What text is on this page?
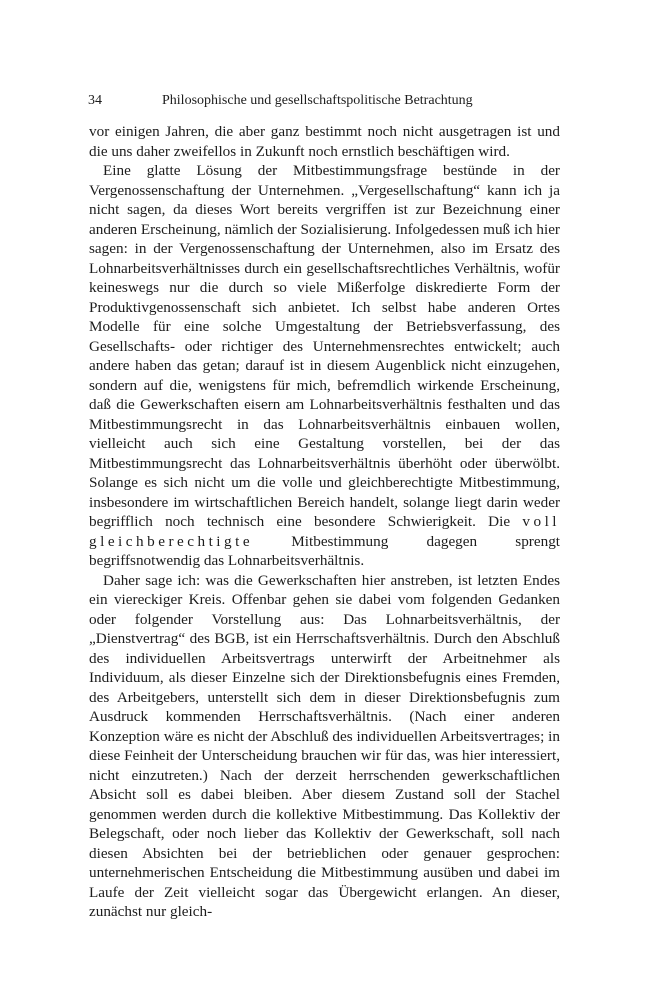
34	Philosophische und gesellschaftspolitische Betrachtung

vor einigen Jahren, die aber ganz bestimmt noch nicht ausgetragen ist und die uns daher zweifellos in Zukunft noch ernstlich beschäftigen wird.

Eine glatte Lösung der Mitbestimmungsfrage bestünde in der Vergenossenschaftung der Unternehmen. „Vergesellschaftung“ kann ich ja nicht sagen, da dieses Wort bereits vergriffen ist zur Bezeichnung einer anderen Erscheinung, nämlich der Sozialisierung. Infolgedessen muß ich hier sagen: in der Vergenossenschaftung der Unternehmen, also im Ersatz des Lohnarbeitsverhältnisses durch ein gesellschaftsrechtliches Verhältnis, wofür keineswegs nur die durch so viele Mißerfolge diskredierte Form der Produktivgenossenschaft sich anbietet. Ich selbst habe anderen Ortes Modelle für eine solche Umgestaltung der Betriebsverfassung, des Gesellschafts- oder richtiger des Unternehmensrechtes entwickelt; auch andere haben das getan; darauf ist in diesem Augenblick nicht einzugehen, sondern auf die, wenigstens für mich, befremdlich wirkende Erscheinung, daß die Gewerkschaften eisern am Lohnarbeitsverhältnis festhalten und das Mitbestimmungsrecht in das Lohnarbeitsverhältnis einbauen wollen, vielleicht auch sich eine Gestaltung vorstellen, bei der das Mitbestimmungsrecht das Lohnarbeitsverhältnis überhöht oder überwölbt. Solange es sich nicht um die volle und gleichberechtigte Mitbestimmung, insbesondere im wirtschaftlichen Bereich handelt, solange liegt darin weder begrifflich noch technisch eine besondere Schwierigkeit. Die voll gleichberechtigte	Mitbestimmung dagegen sprengt begriffsnotwendig das Lohnarbeitsverhältnis.

Daher sage ich: was die Gewerkschaften hier anstreben, ist letzten Endes ein viereckiger Kreis. Offenbar gehen sie dabei vom folgenden Gedanken oder folgender Vorstellung aus: Das Lohnarbeitsverhältnis, der „Dienstvertrag“ des BGB, ist ein Herrschaftsverhältnis. Durch den Abschluß des individuellen Arbeitsvertrags unterwirft der Arbeitnehmer als Individuum, als dieser Einzelne sich der Direktionsbefugnis eines Fremden, des Arbeitgebers, unterstellt sich dem in dieser Direktionsbefugnis zum Ausdruck kommenden Herrschaftsverhältnis. (Nach einer anderen Konzeption wäre es nicht der Abschluß des individuellen Arbeitsvertrages; in diese Feinheit der Unterscheidung brauchen wir für das, was hier interessiert, nicht einzutreten.) Nach der derzeit herrschenden gewerkschaftlichen Absicht soll es dabei bleiben. Aber diesem Zustand soll der Stachel genommen werden durch die kollektive Mitbestimmung. Das Kollektiv der Belegschaft, oder noch lieber das Kollektiv der Gewerkschaft, soll nach diesen Absichten bei der betrieblichen oder genauer gesprochen: unternehmerischen Entscheidung die Mitbestimmung ausüben und dabei im Laufe der Zeit vielleicht sogar das Übergewicht erlangen. An dieser, zunächst nur gleich-
